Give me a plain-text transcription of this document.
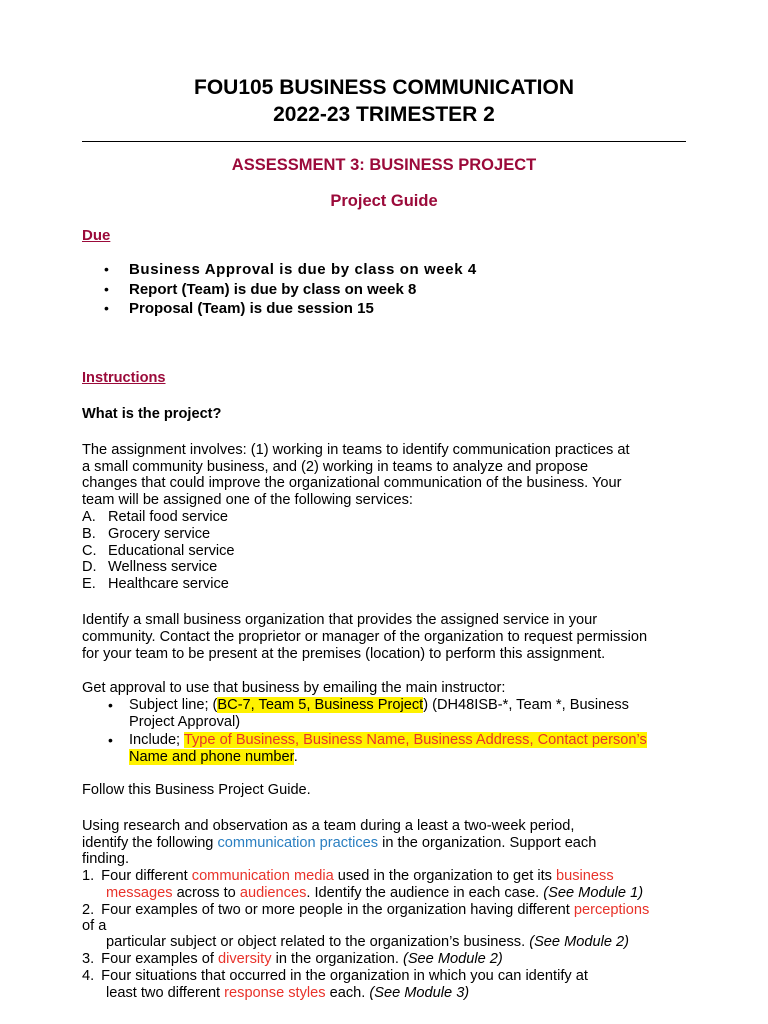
FOU105 BUSINESS COMMUNICATION
2022-23 TRIMESTER 2
ASSESSMENT 3: BUSINESS PROJECT
Project Guide
Due
• Business Approval is due by class on week 4
• Report (Team) is due by class on week 8
• Proposal (Team) is due session 15
Instructions
What is the project?
The assignment involves: (1) working in teams to identify communication practices at
a small community business, and (2) working in teams to analyze and propose
changes that could improve the organizational communication of the business. Your
team will be assigned one of the following services:
A. Retail food service
B. Grocery service
C. Educational service
D. Wellness service
E. Healthcare service
Identify a small business organization that provides the assigned service in your
community. Contact the proprietor or manager of the organization to request permission
for your team to be present at the premises (location) to perform this assignment.
Get approval to use that business by emailing the main instructor:
• Subject line; (BC-7, Team 5, Business Project) (DH48ISB-*, Team *, Business
Project Approval)
• Include; Type of Business, Business Name, Business Address, Contact person’s
Name and phone number.
Follow this Business Project Guide.
Using research and observation as a team during a least a two-week period,
identify the following communication practices in the organization. Support each
finding.
1. Four different communication media used in the organization to get its business
messages across to audiences. Identify the audience in each case. (See Module 1)
2. Four examples of two or more people in the organization having different perceptions
of a
particular subject or object related to the organization’s business. (See Module 2)
3. Four examples of diversity in the organization. (See Module 2)
4. Four situations that occurred in the organization in which you can identify at
least two different response styles each. (See Module 3)
